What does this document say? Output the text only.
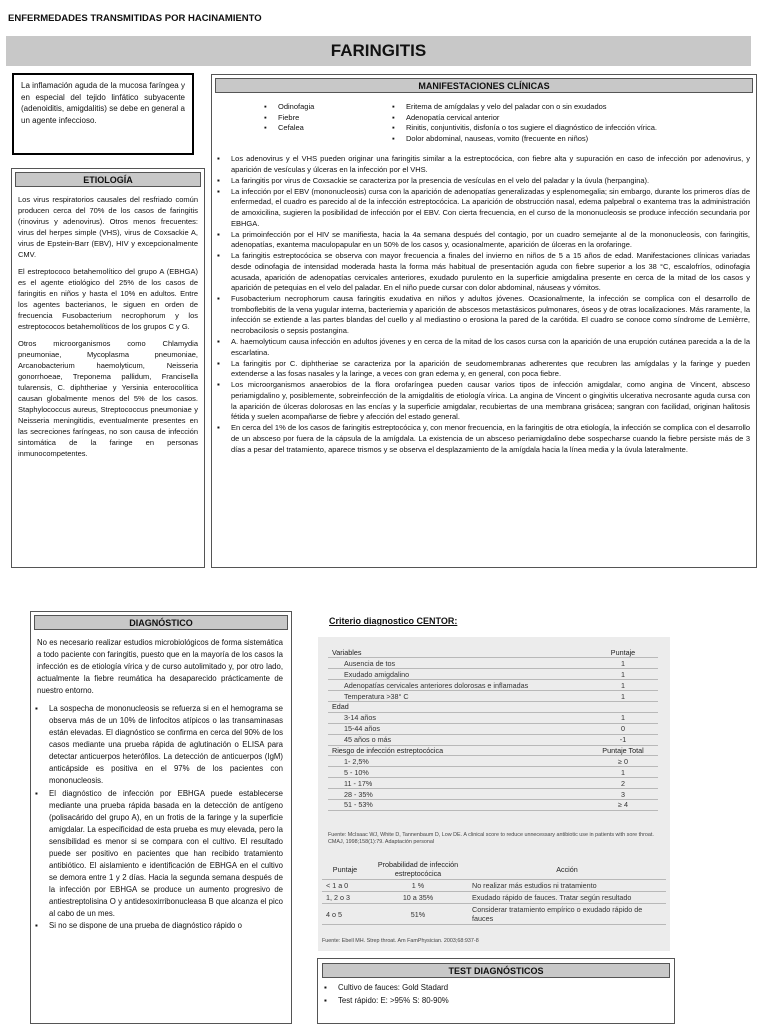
ENFERMEDADES TRANSMITIDAS POR HACINAMIENTO
FARINGITIS
La inflamación aguda de la mucosa faríngea y en especial del tejido linfático subyacente (adenoiditis, amigdalitis) se debe en general a un agente infeccioso.
ETIOLOGÍA

Los virus respiratorios causales del resfriado común producen cerca del 70% de los casos de faringitis (rinovirus y adenovirus). Otros menos frecuentes: virus del herpes simple (VHS), virus de Coxsackie A, virus de Epstein-Barr (EBV), HIV y excepcionalmente CMV.

El estreptococo betahemolítico del grupo A (EBHGA) es el agente etiológico del 25% de los casos de faringitis en niños y hasta el 10% en adultos. Entre los agentes bacterianos, le siguen en orden de frecuencia Fusobacterium necrophorum y los estreptococos betahemolíticos de los grupos C y G.

Otros microorganismos como Chlamydia pneumoniae, Mycoplasma pneumoniae, Arcanobacterium haemolyticum, Neisseria gonorrhoeae, Treponema pallidum, Francisella tularensis, C. diphtheriae y Yersinia enterocolítica causan globalmente menos del 5% de los casos. Staphylococcus aureus, Streptococcus pneumoniae y Neisseria meningitidis, eventualmente presentes en las secreciones faríngeas, no son causa de infección sintomática de la faringe en personas inmunocompetentes.

MANIFESTACIONES CLÍNICAS
▪ Odinofagia
▪ Fiebre
▪ Cefalea
▪ Eritema de amígdalas y velo del paladar con o sin exudados
▪ Adenopatía cervical anterior
▪ Rinitis, conjuntivitis, disfonía o tos sugiere el diagnóstico de infección vírica.
▪ Dolor abdominal, nauseas, vomito (frecuente en niños)
▪ Los adenovirus y el VHS pueden originar una faringitis similar a la estreptocócica, con fiebre alta y supuración en caso de infección por adenovirus, y aparición de vesículas y úlceras en la infección por el VHS.
▪ La faringitis por virus de Coxsackie se caracteriza por la presencia de vesículas en el velo del paladar y la úvula (herpangina).
▪ La infección por el EBV (mononucleosis) cursa con la aparición de adenopatías generalizadas y esplenomegalia; sin embargo, durante los primeros días de enfermedad, el cuadro es parecido al de la infección estreptocócica. La aparición de obstrucción nasal, edema palpebral o exantema tras la administración de amoxicilina, sugieren la posibilidad de infección por el EBV. Con cierta frecuencia, en el curso de la mononucleosis se produce infección secundaria por EBHGA.
▪ La primoinfección por el HIV se manifiesta, hacia la 4a semana después del contagio, por un cuadro semejante al de la mononucleosis, con faringitis, adenopatías, exantema maculopapular en un 50% de los casos y, ocasionalmente, aparición de úlceras en la orofaringe.
▪ La faringitis estreptocócica se observa con mayor frecuencia a finales del invierno en niños de 5 a 15 años de edad. Manifestaciones clínicas variadas desde odinofagia de intensidad moderada hasta la forma más habitual de presentación aguda con fiebre superior a los 38 °C, escalofríos, odinofagia acusada, aparición de adenopatías cervicales anteriores, exudado purulento en la superficie amigdalina presente en cerca de la mitad de los casos y aparición de petequias en el velo del paladar. En el niño puede cursar con dolor abdominal, náuseas y vómitos.
▪ Fusobacterium necrophorum causa faringitis exudativa en niños y adultos jóvenes. Ocasionalmente, la infección se complica con el desarrollo de tromboflebitis de la vena yugular interna, bacteriemia y aparición de abscesos metastásicos pulmonares, óseos y de otras localizaciones. Más raramente, la infección se extiende a las partes blandas del cuello y al mediastino o erosiona la pared de la carótida. El cuadro se conoce como síndrome de Lemièrre, necrobacilosis o sepsis postangina.
▪ A. haemolyticum causa infección en adultos jóvenes y en cerca de la mitad de los casos cursa con la aparición de una erupción cutánea parecida a la de la escarlatina.
▪ La faringitis por C. diphtheriae se caracteriza por la aparición de seudomembranas adherentes que recubren las amígdalas y la faringe y pueden extenderse a las fosas nasales y la laringe, a veces con gran edema y, en general, con poca fiebre.
▪ Los microorganismos anaerobios de la flora orofaríngea pueden causar varios tipos de infección amigdalar, como angina de Vincent, absceso periamigdalino y, posiblemente, sobreinfección de la amigdalitis de etiología vírica. La angina de Vincent o gingivitis ulcerativa necrosante aguda cursa con la aparición de úlceras dolorosas en las encías y la superficie amigdalar, recubiertas de una membrana grisácea; sangran con facilidad, originan halitosis fétida y suelen acompañarse de fiebre y afección del estado general.
▪ En cerca del 1% de los casos de faringitis estreptocócica y, con menor frecuencia, en la faringitis de otra etiología, la infección se complica con el desarrollo de un absceso por fuera de la cápsula de la amígdala. La existencia de un absceso periamigdalino debe sospecharse cuando la fiebre persiste más de 3 días a pesar del tratamiento, aparece trismos y se observa el desplazamiento de la amígdala hacia la línea media y la úvula lateralmente.
DIAGNÓSTICO

No es necesario realizar estudios microbiológicos de forma sistemática a todo paciente con faringitis, puesto que en la mayoría de los casos la infección es de etiología vírica y de curso autolimitado y, por otro lado, actualmente la fiebre reumática ha desaparecido prácticamente de nuestro entorno.

▪ La sospecha de mononucleosis se refuerza si en el hemograma se observa más de un 10% de linfocitos atípicos o las transaminasas están elevadas. El diagnóstico se confirma en cerca del 90% de los casos mediante una prueba rápida de aglutinación o ELISA para detectar anticuerpos heterófilos. La detección de anticuerpos (IgM) anticápside es positiva en el 97% de los pacientes con mononucleosis.
▪ El diagnóstico de infección por EBHGA puede establecerse mediante una prueba rápida basada en la detección de antígeno (polisacárido del grupo A), en un frotis de la faringe y la superficie amigdalar. La especificidad de esta prueba es muy elevada, pero la sensibilidad es menor si se compara con el cultivo. El resultado puede ser positivo en pacientes que han recibido tratamiento antibiótico. El aislamiento e identificación de EBHGA en el cultivo se demora entre 1 y 2 días. Hacia la segunda semana después de la infección por EBHGA se produce un aumento progresivo de antiestreptolisina O y antidesoxirribonucleasa B que alcanza el pico al cabo de un mes.
▪ Si no se dispone de una prueba de diagnóstico rápido o
Criterio diagnostico CENTOR:
Variables	Puntaje
Ausencia de tos	1
Exudado amigdalino	1
Adenopatías cervicales anteriores dolorosas e inflamadas	1
Temperatura >38° C	1
Edad	
3-14 años	1
15-44 años	0
45 años o más	-1
Riesgo de infección estreptocócica	Puntaje Total
1- 2,5%	≥ 0
5 - 10%	1
11 - 17%	2
28 - 35%	3
51 - 53%	≥ 4
Fuente: McIsaac WJ, White D, Tannenbaum D, Low DE. A clinical score to reduce unnecessary antibiotic use in patients with sore throat. CMAJ, 1998;158(1):79. Adaptación personal
Puntaje	Probabilidad de infección estreptocócica	Acción
< 1 a 0	1 %	No realizar más estudios ni tratamiento
1, 2 o 3	10 a 35%	Exudado rápido de fauces. Tratar según resultado
4 o 5	51%	Considerar tratamiento empírico o exudado rápido de fauces
Fuente: Ebell MH. Strep throat. Am FamPhysician. 2003;68:937-8
TEST DIAGNÓSTICOS
▪ Cultivo de fauces: Gold Stadard
▪ Test rápido: E: >95% S: 80-90%
